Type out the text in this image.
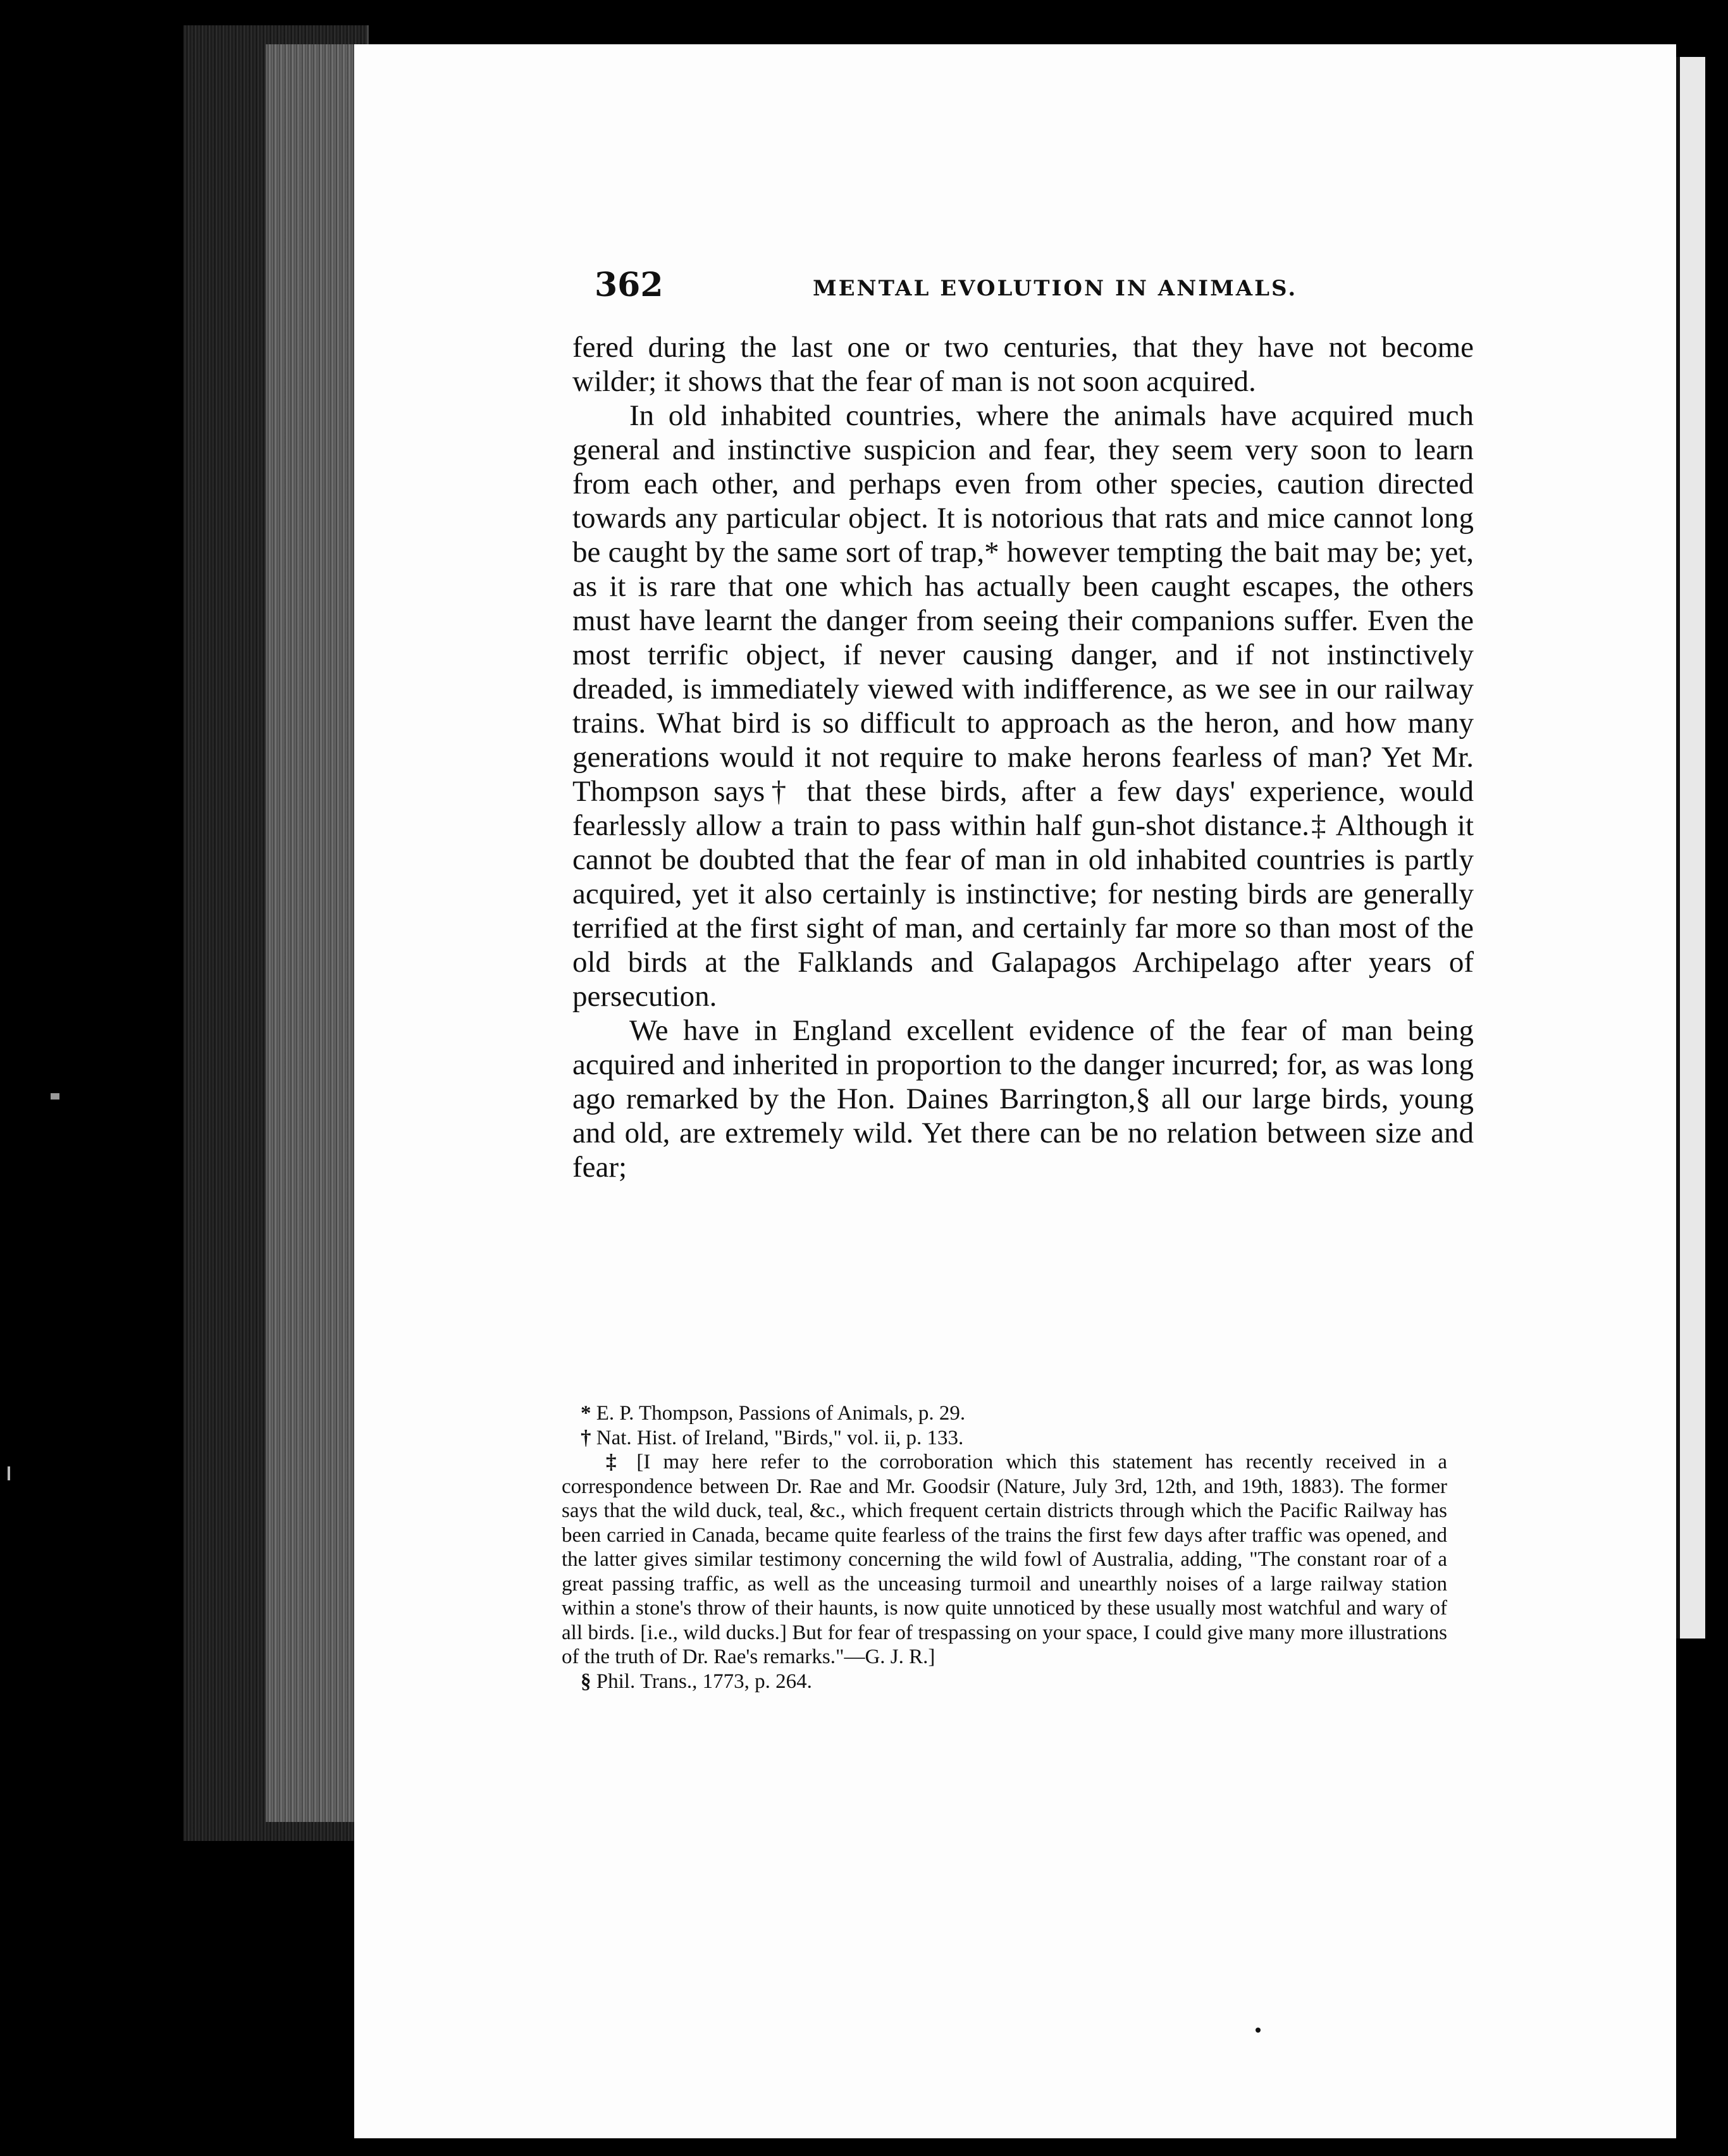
362	MENTAL EVOLUTION IN ANIMALS.

fered during the last one or two centuries, that they have not become wilder; it shows that the fear of man is not soon acquired.

In old inhabited countries, where the animals have acquired much general and instinctive suspicion and fear, they seem very soon to learn from each other, and perhaps even from other species, caution directed towards any particular object. It is notorious that rats and mice cannot long be caught by the same sort of trap,* however tempting the bait may be; yet, as it is rare that one which has actually been caught escapes, the others must have learnt the danger from seeing their companions suffer. Even the most terrific object, if never causing danger, and if not instinctively dreaded, is immediately viewed with indifference, as we see in our railway trains. What bird is so difficult to approach as the heron, and how many generations would it not require to make herons fearless of man? Yet Mr. Thompson says† that these birds, after a few days' experience, would fearlessly allow a train to pass within half gun-shot distance.‡ Although it cannot be doubted that the fear of man in old inhabited countries is partly acquired, yet it also certainly is instinctive; for nesting birds are generally terrified at the first sight of man, and certainly far more so than most of the old birds at the Falklands and Galapagos Archipelago after years of persecution.

We have in England excellent evidence of the fear of man being acquired and inherited in proportion to the danger incurred; for, as was long ago remarked by the Hon. Daines Barrington,§ all our large birds, young and old, are extremely wild. Yet there can be no relation between size and fear;

* E. P. Thompson, Passions of Animals, p. 29.

† Nat. Hist. of Ireland, "Birds," vol. ii, p. 133.

‡ [I may here refer to the corroboration which this statement has recently received in a correspondence between Dr. Rae and Mr. Goodsir (Nature, July 3rd, 12th, and 19th, 1883). The former says that the wild duck, teal, &c., which frequent certain districts through which the Pacific Railway has been carried in Canada, became quite fearless of the trains the first few days after traffic was opened, and the latter gives similar testimony concerning the wild fowl of Australia, adding, "The constant roar of a great passing traffic, as well as the unceasing turmoil and unearthly noises of a large railway station within a stone's throw of their haunts, is now quite unnoticed by these usually most watchful and wary of all birds. [i.e., wild ducks.] But for fear of trespassing on your space, I could give many more illustrations of the truth of Dr. Rae's remarks."—G. J. R.]

§ Phil. Trans., 1773, p. 264.
